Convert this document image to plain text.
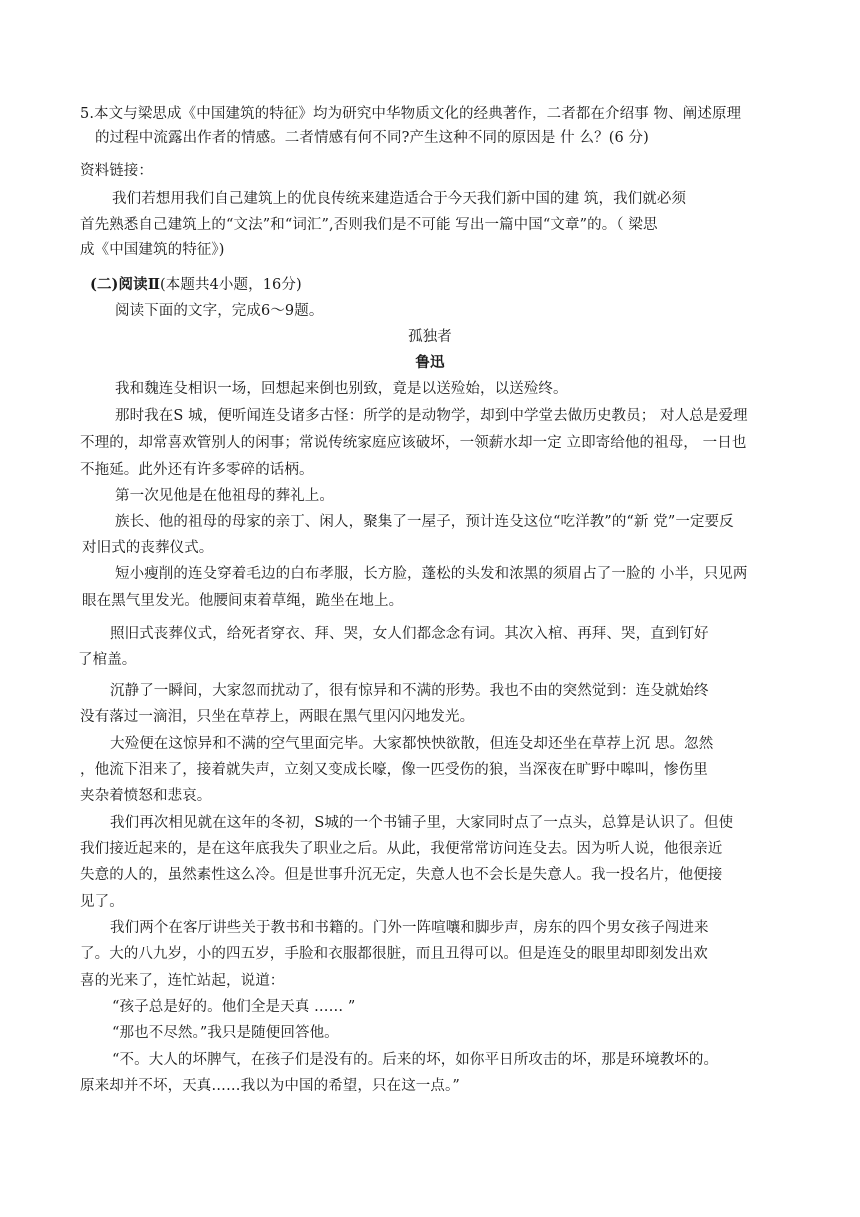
5.本文与梁思成《中国建筑的特征》均为研究中华物质文化的经典著作，二者都在介绍事 物、阐述原理
的过程中流露出作者的情感。二者情感有何不同?产生这种不同的原因是 什 么？(6 分)
资料链接：
我们若想用我们自己建筑上的优良传统来建造适合于今天我们新中国的建 筑，我们就必须
首先熟悉自己建筑上的“文法”和“词汇”,否则我们是不可能 写出一篇中国“文章”的。（ 梁思
成《中国建筑的特征》)
(二)阅读Ⅱ(本题共4小题，16分)
阅读下面的文字，完成6～9题。
孤独者
鲁迅
我和魏连殳相识一场，回想起来倒也别致，竟是以送殓始，以送殓终。
那时我在S 城，便听闻连殳诸多古怪：所学的是动物学，却到中学堂去做历史教员； 对人总是爱理
不理的，却常喜欢管别人的闲事；常说传统家庭应该破坏，一领薪水却一定 立即寄给他的祖母， 一日也
不拖延。此外还有许多零碎的话柄。
第一次见他是在他祖母的葬礼上。
族长、他的祖母的母家的亲丁、闲人，聚集了一屋子，预计连殳这位“吃洋教”的“新 党”一定要反
对旧式的丧葬仪式。
短小瘦削的连殳穿着毛边的白布孝服，长方脸，蓬松的头发和浓黑的须眉占了一脸的 小半，只见两
眼在黑气里发光。他腰间束着草绳，跪坐在地上。
照旧式丧葬仪式，给死者穿衣、拜、哭，女人们都念念有词。其次入棺、再拜、哭，直到钉好
了棺盖。
沉静了一瞬间，大家忽而扰动了，很有惊异和不满的形势。我也不由的突然觉到：连殳就始终
没有落过一滴泪，只坐在草荐上，两眼在黑气里闪闪地发光。
大殓便在这惊异和不满的空气里面完毕。大家都怏怏欲散，但连殳却还坐在草荐上沉 思。忽然
，他流下泪来了，接着就失声，立刻又变成长嚎，像一匹受伤的狼，当深夜在旷野中嗥叫，惨伤里
夹杂着愤怒和悲哀。
我们再次相见就在这年的冬初，S城的一个书铺子里，大家同时点了一点头，总算是认识了。但使
我们接近起来的，是在这年底我失了职业之后。从此，我便常常访问连殳去。因为听人说，他很亲近
失意的人的，虽然素性这么冷。但是世事升沉无定，失意人也不会长是失意人。我一投名片，他便接
见了。
我们两个在客厅讲些关于教书和书籍的。门外一阵喧嚷和脚步声，房东的四个男女孩子闯进来
了。大的八九岁，小的四五岁，手脸和衣服都很脏，而且丑得可以。但是连殳的眼里却即刻发出欢
喜的光来了，连忙站起，说道：
“孩子总是好的。他们全是天真 …… ”
“那也不尽然。”我只是随便回答他。
“不。大人的坏脾气，在孩子们是没有的。后来的坏，如你平日所攻击的坏，那是环境教坏的。
原来却并不坏，天真……我以为中国的希望，只在这一点。”
